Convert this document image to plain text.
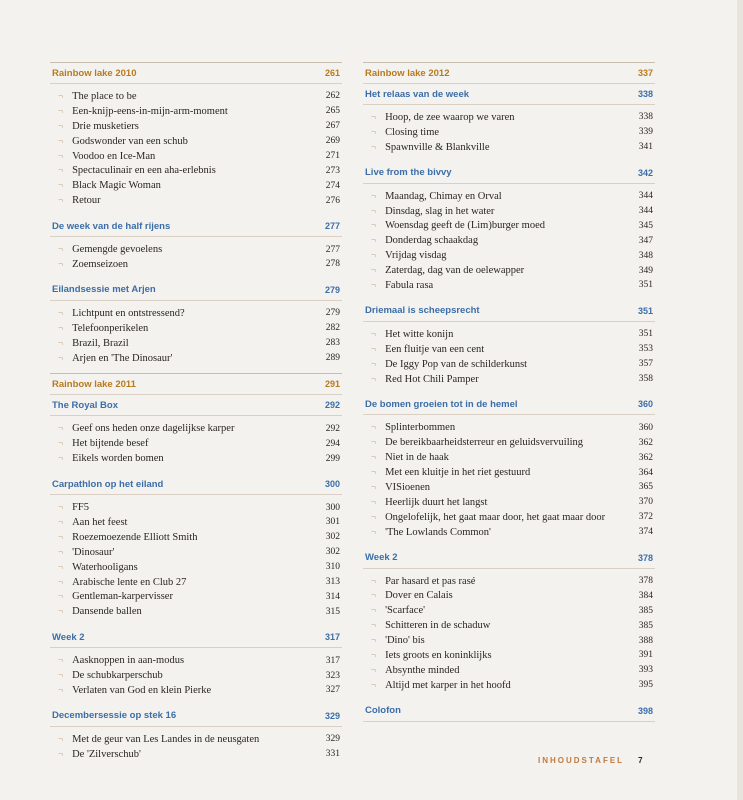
Rainbow lake 2010	261
¬ The place to be	262
¬ Een-knijp-eens-in-mijn-arm-moment	265
¬ Drie musketiers	267
¬ Godswonder van een schub	269
¬ Voodoo en Ice-Man	271
¬ Spectaculinair en een aha-erlebnis	273
¬ Black Magic Woman	274
¬ Retour	276
De week van de half rijens	277
¬ Gemengde gevoelens	277
¬ Zoemseizoen	278
Eilandsessie met Arjen	279
¬ Lichtpunt en ontstressend?	279
¬ Telefoonperikelen	282
¬ Brazil, Brazil	283
¬ Arjen en 'The Dinosaur'	289
Rainbow lake 2011	291
The Royal Box	292
¬ Geef ons heden onze dagelijkse karper	292
¬ Het bijtende besef	294
¬ Eikels worden bomen	299
Carpathlon op het eiland	300
¬ FF5	300
¬ Aan het feest	301
¬ Roezemoezende Elliott Smith	302
¬ 'Dinosaur'	302
¬ Waterhooligans	310
¬ Arabische lente en Club 27	313
¬ Gentleman-karpervisser	314
¬ Dansende ballen	315
Week 2	317
¬ Aasknoppen in aan-modus	317
¬ De schubkarperschub	323
¬ Verlaten van God en klein Pierke	327
Decembersessie op stek 16	329
¬ Met de geur van Les Landes in de neusgaten	329
¬ De 'Zilverschub'	331
Rainbow lake 2012	337
Het relaas van de week	338
¬ Hoop, de zee waarop we varen	338
¬ Closing time	339
¬ Spawnville & Blankville	341
Live from the bivvy	342
¬ Maandag, Chimay en Orval	344
¬ Dinsdag, slag in het water	344
¬ Woensdag geeft de (Lim)burger moed	345
¬ Donderdag schaakdag	347
¬ Vrijdag visdag	348
¬ Zaterdag, dag van de oelewapper	349
¬ Fabula rasa	351
Driemaal is scheepsrecht	351
¬ Het witte konijn	351
¬ Een fluitje van een cent	353
¬ De Iggy Pop van de schilderkunst	357
¬ Red Hot Chili Pamper	358
De bomen groeien tot in de hemel	360
¬ Splinterbommen	360
¬ De bereikbaarheidsterreur en geluidsvervuiling	362
¬ Niet in de haak	362
¬ Met een kluitje in het riet gestuurd	364
¬ VISioenen	365
¬ Heerlijk duurt het langst	370
¬ Ongelofelijk, het gaat maar door, het gaat maar door	372
¬ 'The Lowlands Common'	374
Week 2	378
¬ Par hasard et pas rasé	378
¬ Dover en Calais	384
¬ 'Scarface'	385
¬ Schitteren in de schaduw	385
¬ 'Dino' bis	388
¬ Iets groots en koninklijks	391
¬ Absynthe minded	393
¬ Altijd met karper in het hoofd	395
Colofon	398
INHOUDSTAFEL 7
